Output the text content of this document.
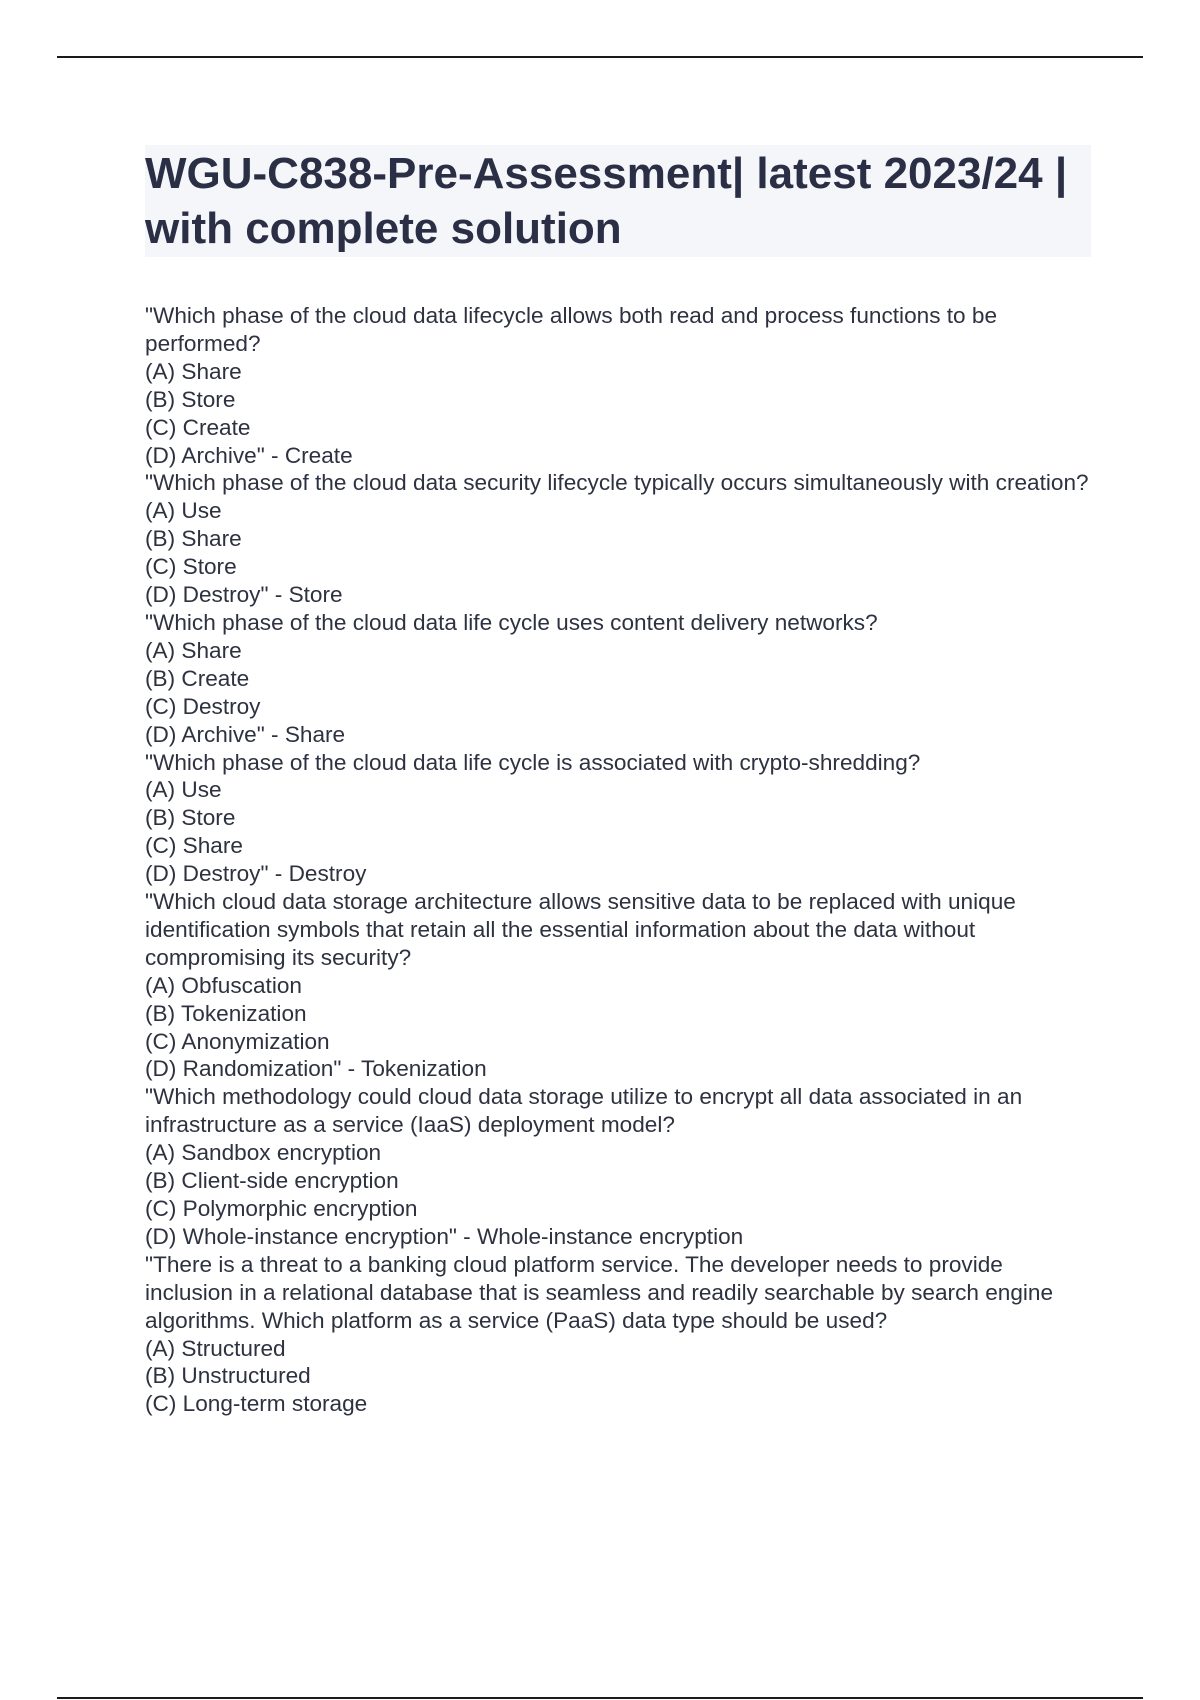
WGU-C838-Pre-Assessment| latest 2023/24 | with complete solution
"Which phase of the cloud data lifecycle allows both read and process functions to be performed?
(A) Share
(B) Store
(C) Create
(D) Archive" - Create
"Which phase of the cloud data security lifecycle typically occurs simultaneously with creation?
(A) Use
(B) Share
(C) Store
(D) Destroy" - Store
"Which phase of the cloud data life cycle uses content delivery networks?
(A) Share
(B) Create
(C) Destroy
(D) Archive" - Share
"Which phase of the cloud data life cycle is associated with crypto-shredding?
(A) Use
(B) Store
(C) Share
(D) Destroy" - Destroy
"Which cloud data storage architecture allows sensitive data to be replaced with unique identification symbols that retain all the essential information about the data without compromising its security?
(A) Obfuscation
(B) Tokenization
(C) Anonymization
(D) Randomization" - Tokenization
"Which methodology could cloud data storage utilize to encrypt all data associated in an infrastructure as a service (IaaS) deployment model?
(A) Sandbox encryption
(B) Client-side encryption
(C) Polymorphic encryption
(D) Whole-instance encryption" - Whole-instance encryption
"There is a threat to a banking cloud platform service. The developer needs to provide inclusion in a relational database that is seamless and readily searchable by search engine algorithms. Which platform as a service (PaaS) data type should be used?
(A) Structured
(B) Unstructured
(C) Long-term storage
